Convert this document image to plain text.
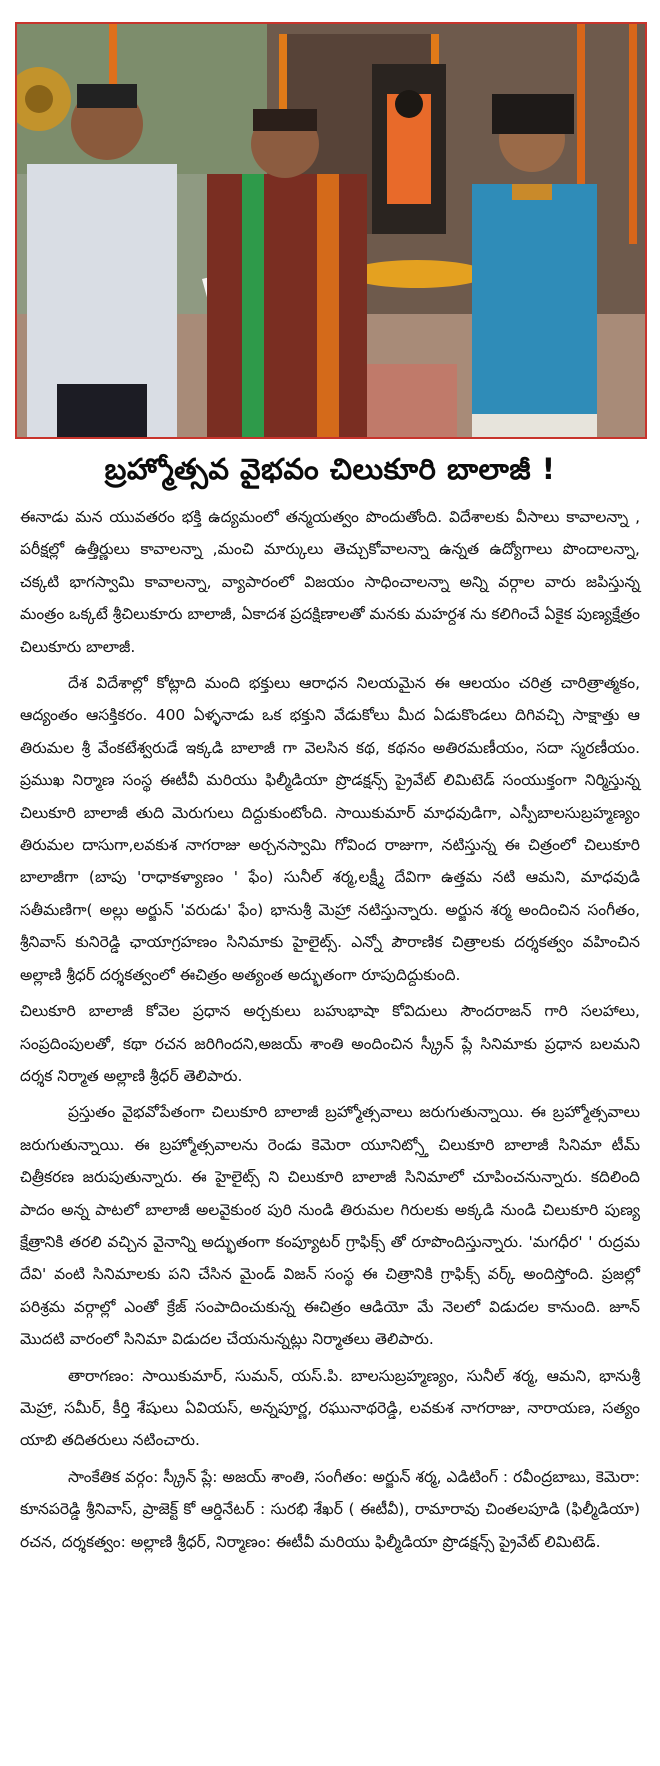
బ్రహ్మోత్సవ వైభవం చిలుకూరి బాలాజీ !

ఈనాడు మన యువతరం భక్తి ఉద్యమంలో తన్మయత్వం పొందుతోంది. విదేశాలకు వీసాలు కావాలన్నా , పరీక్షల్లో ఉత్తీర్ణులు కావాలన్నా ,మంచి మార్కులు తెచ్చుకోవాలన్నా ఉన్నత ఉద్యోగాలు పొందాలన్నా, చక్కటి భాగస్వామి కావాలన్నా, వ్యాపారంలో విజయం సాధించాలన్నా అన్ని వర్గాల వారు జపిస్తున్న మంత్రం ఒక్కటే శ్రీచిలుకూరు బాలాజీ, ఏకాదశ ప్రదక్షిణాలతో మనకు మహర్దశ ను కలిగించే ఏకైక పుణ్యక్షేత్రం చిలుకూరు బాలాజీ.

దేశ విదేశాల్లో కోట్లాది మంది భక్తులు ఆరాధన నిలయమైన ఈ ఆలయం చరిత్ర చారిత్రాత్మకం, ఆద్యంతం ఆసక్తికరం. 400 ఏళ్ళనాడు ఒక భక్తుని వేడుకోలు మీద ఏడుకొండలు దిగివచ్చి సాక్షాత్తు ఆ తిరుమల శ్రీ వేంకటేశ్వరుడే ఇక్కడి బాలాజీ గా వెలసిన కథ, కథనం అతిరమణీయం, సదా స్మరణీయం. ప్రముఖ నిర్మాణ సంస్థ ఈటీవీ మరియు ఫిల్మీడియా ప్రొడక్షన్స్ ప్రైవేట్ లిమిటెడ్ సంయుక్తంగా నిర్మిస్తున్న చిలుకూరి బాలాజీ తుది మెరుగులు దిద్దుకుంటోంది. సాయికుమార్ మాధవుడిగా, ఎస్పీబాలసుబ్రహ్మణ్యం తిరుమల దాసుగా,లవకుశ నాగరాజు అర్చనస్వామి గోవింద రాజుగా, నటిస్తున్న ఈ చిత్రంలో చిలుకూరి బాలాజీగా (బాపు 'రాధాకళ్యాణం ' ఫేం) సునీల్ శర్మ,లక్ష్మీ దేవిగా ఉత్తమ నటి ఆమని, మాధవుడి సతీమణిగా( అల్లు అర్జున్ 'వరుడు' ఫేం) భానుశ్రీ మెహ్రా నటిస్తున్నారు. అర్జున శర్మ అందించిన సంగీతం, శ్రీనివాస్ కునిరెడ్డి ఛాయాగ్రహణం సినిమాకు హైలైట్స్. ఎన్నో పౌరాణిక చిత్రాలకు దర్శకత్వం వహించిన అల్లాణి శ్రీధర్ దర్శకత్వంలో ఈచిత్రం అత్యంత అద్భుతంగా రూపుదిద్దుకుంది.

చిలుకూరి బాలాజీ కోవెల ప్రధాన అర్చకులు బహుభాషా కోవిదులు సౌందరాజన్ గారి సలహాలు, సంప్రదింపులతో, కథా రచన జరిగిందని,అజయ్ శాంతి అందించిన స్క్రీన్ ప్లే సినిమాకు ప్రధాన బలమని దర్శక నిర్మాత అల్లాణి శ్రీధర్ తెలిపారు.

ప్రస్తుతం వైభవోపేతంగా చిలుకూరి బాలాజీ బ్రహ్మోత్సవాలు జరుగుతున్నాయి. ఈ బ్రహ్మోత్సవాలు జరుగుతున్నాయి. ఈ బ్రహ్మోత్సవాలను రెండు కెమెరా యూనిట్స్తో చిలుకూరి బాలాజీ సినిమా టీమ్ చిత్రీకరణ జరుపుతున్నారు. ఈ హైలైట్స్ ని చిలుకూరి బాలాజీ సినిమాలో చూపించనున్నారు. కదిలింది పాదం అన్న పాటలో బాలాజీ అలవైకుంఠ పురి నుండి తిరుమల గిరులకు అక్కడి నుండి చిలుకూరి పుణ్య క్షేత్రానికి తరలి వచ్చిన వైనాన్ని అద్భుతంగా కంప్యూటర్ గ్రాఫిక్స్ తో రూపొందిస్తున్నారు. 'మగధీర' ' రుద్రమ దేవి' వంటి సినిమాలకు పని చేసిన మైండ్ విజన్ సంస్థ ఈ చిత్రానికి గ్రాఫిక్స్ వర్క్ అందిస్తోంది. ప్రజల్లో పరిశ్రమ వర్గాల్లో ఎంతో క్రేజ్ సంపాదించుకున్న ఈచిత్రం ఆడియో మే నెలలో విడుదల కానుంది. జూన్ మొదటి వారంలో సినిమా విడుదల చేయనున్నట్లు నిర్మాతలు తెలిపారు.

తారాగణం: సాయికుమార్, సుమన్, యస్.పి. బాలసుబ్రహ్మణ్యం, సునీల్ శర్మ, ఆమని, భానుశ్రీ మెహ్రా, సమీర్, కీర్తి శేషులు ఏవియస్, అన్నపూర్ణ, రఘునాథరెడ్డి, లవకుశ నాగరాజు, నారాయణ, సత్యం యాబి తదితరులు నటించారు.

సాంకేతిక వర్గం: స్క్రీన్ ప్లే: అజయ్ శాంతి, సంగీతం: అర్జున్ శర్మ, ఎడిటింగ్ : రవీంద్రబాబు, కెమెరా: కూనపరెడ్డి శ్రీనివాస్, ప్రాజెక్ట్ కో ఆర్డినేటర్ : సురభి శేఖర్ ( ఈటీవీ), రామారావు చింతలపూడి (ఫిల్మీడియా) రచన, దర్శకత్వం: అల్లాణి శ్రీధర్, నిర్మాణం: ఈటీవీ మరియు ఫిల్మీడియా ప్రొడక్షన్స్ ప్రైవేట్ లిమిటెడ్.
